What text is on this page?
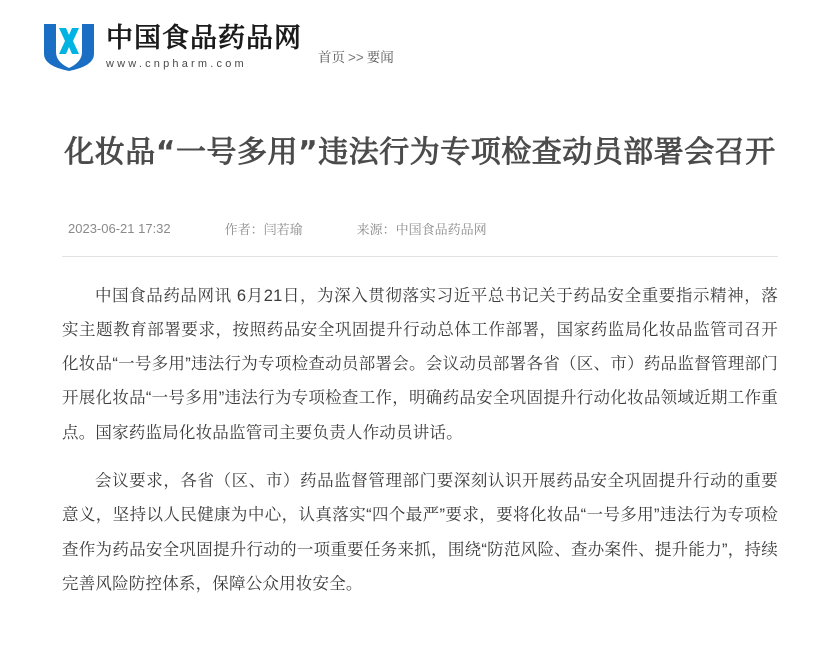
中国食品药品网
www.cnpharm.com	首页 >> 要闻
化妆品“一号多用”违法行为专项检查动员部署会召开
2023-06-21 17:32	作者：闫若瑜	来源：中国食品药品网

中国食品药品网讯 6月21日，为深入贯彻落实习近平总书记关于药品安全重要指示精神，落实主题教育部署要求，按照药品安全巩固提升行动总体工作部署，国家药监局化妆品监管司召开化妆品“一号多用”违法行为专项检查动员部署会。会议动员部署各省（区、市）药品监督管理部门开展化妆品“一号多用”违法行为专项检查工作，明确药品安全巩固提升行动化妆品领域近期工作重点。国家药监局化妆品监管司主要负责人作动员讲话。

会议要求，各省（区、市）药品监督管理部门要深刻认识开展药品安全巩固提升行动的重要意义，坚持以人民健康为中心，认真落实“四个最严”要求，要将化妆品“一号多用”违法行为专项检查作为药品安全巩固提升行动的一项重要任务来抓，围绕“防范风险、查办案件、提升能力”，持续完善风险防控体系，保障公众用妆安全。
